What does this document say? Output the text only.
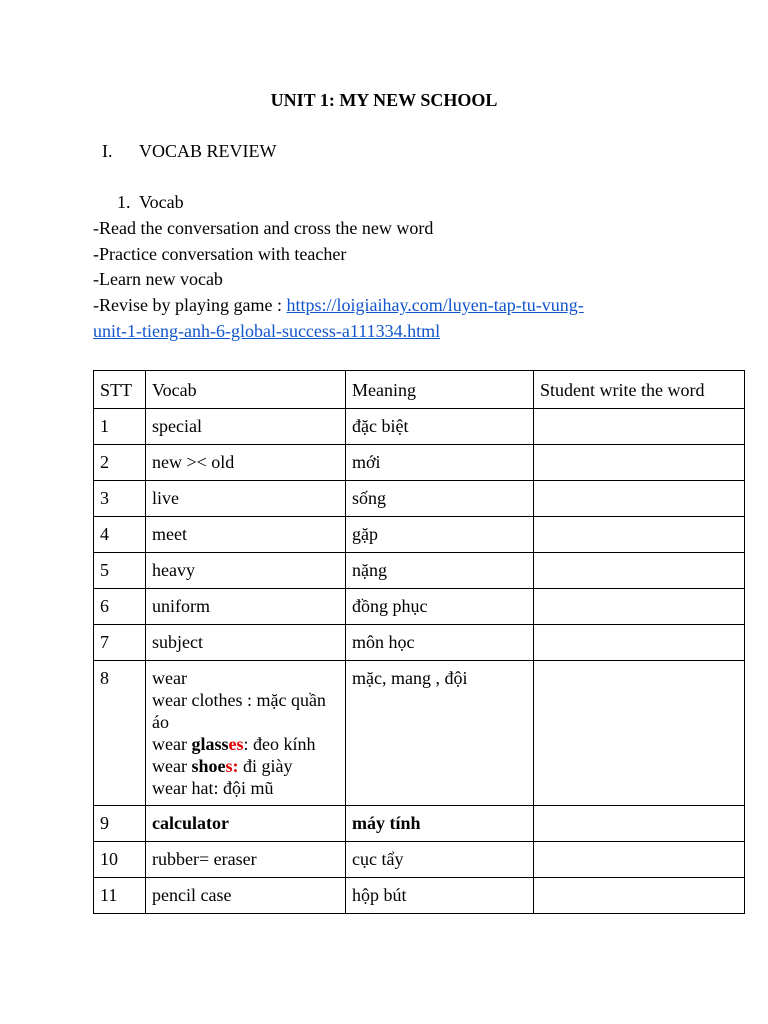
UNIT 1: MY NEW SCHOOL
I. VOCAB REVIEW
1. Vocab
-Read the conversation and cross the new word
-Practice conversation with teacher
-Learn new vocab
-Revise by playing game : https://loigiaihay.com/luyen-tap-tu-vung-
unit-1-tieng-anh-6-global-success-a111334.html
STT	Vocab	Meaning	Student write the word
1	special	đặc biệt	
2	new >< old	mới	
3	live	sống	
4	meet	gặp	
5	heavy	nặng	
6	uniform	đồng phục	
7	subject	môn học	
8	wear
wear clothes : mặc quần áo
wear glasses: đeo kính
wear shoes: đi giày
wear hat: đội mũ	mặc, mang , đội	
9	calculator	máy tính	
10	rubber= eraser	cục tẩy	
11	pencil case	hộp bút	
